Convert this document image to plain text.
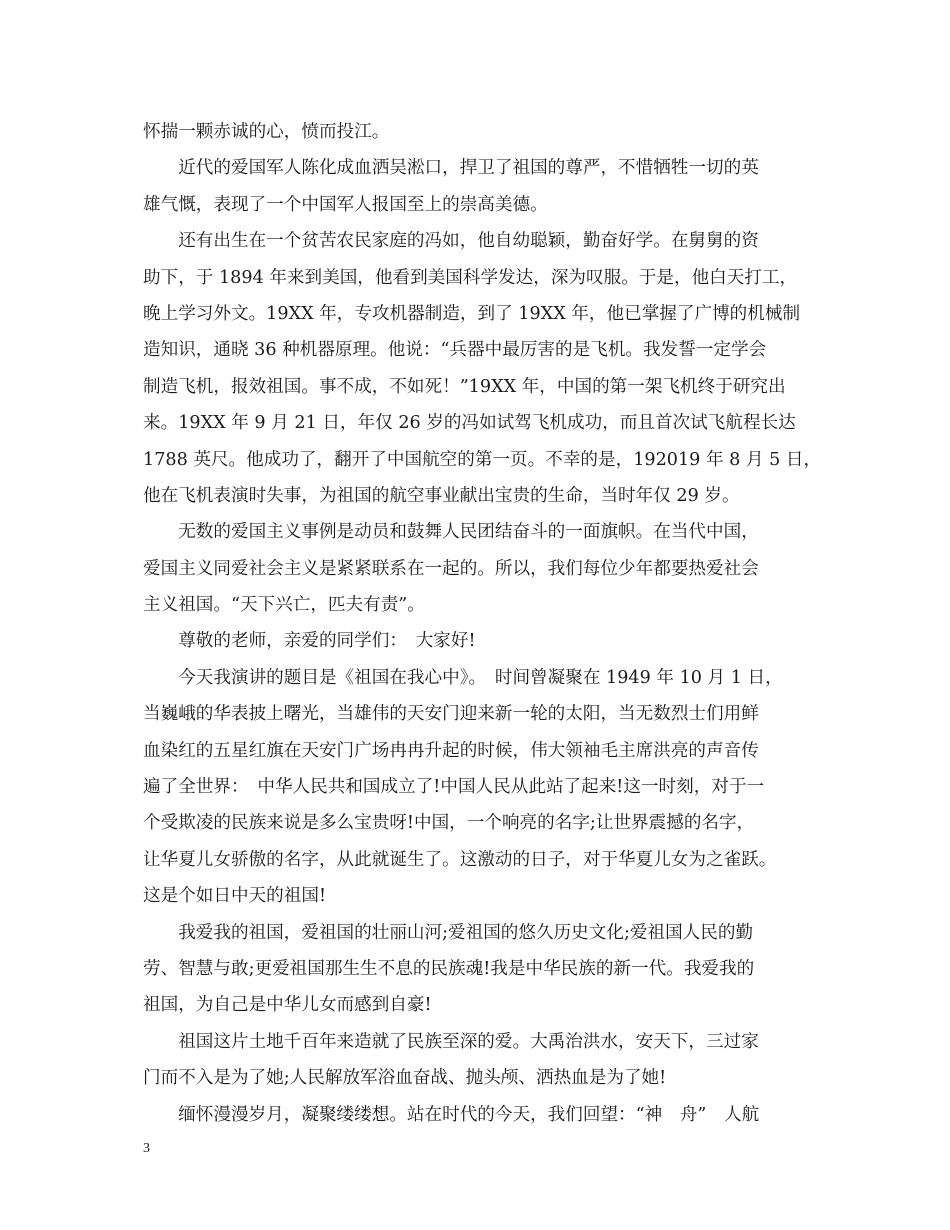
怀揣一颗赤诚的心，愤而投江。
　　近代的爱国军人陈化成血洒吴淞口，捍卫了祖国的尊严，不惜牺牲一切的英
雄气慨，表现了一个中国军人报国至上的崇高美德。
　　还有出生在一个贫苦农民家庭的冯如，他自幼聪颖，勤奋好学。在舅舅的资
助下，于 1894 年来到美国，他看到美国科学发达，深为叹服。于是，他白天打工，
晚上学习外文。19XX 年，专攻机器制造，到了 19XX 年，他已掌握了广博的机械制
造知识，通晓 36 种机器原理。他说：“兵器中最厉害的是飞机。我发誓一定学会
制造飞机，报效祖国。事不成，不如死！”19XX 年，中国的第一架飞机终于研究出
来。19XX 年 9 月 21 日，年仅 26 岁的冯如试驾飞机成功，而且首次试飞航程长达
1788 英尺。他成功了，翻开了中国航空的第一页。不幸的是，192019 年 8 月 5 日，
他在飞机表演时失事，为祖国的航空事业献出宝贵的生命，当时年仅 29 岁。
　　无数的爱国主义事例是动员和鼓舞人民团结奋斗的一面旗帜。在当代中国，
爱国主义同爱社会主义是紧紧联系在一起的。所以，我们每位少年都要热爱社会
主义祖国。“天下兴亡，匹夫有责”。
　　尊敬的老师，亲爱的同学们：　大家好!
　　今天我演讲的题目是《祖国在我心中》。　时间曾凝聚在 1949 年 10 月 1 日，
当巍峨的华表披上曙光，当雄伟的天安门迎来新一轮的太阳，当无数烈士们用鲜
血染红的五星红旗在天安门广场冉冉升起的时候，伟大领袖毛主席洪亮的声音传
遍了全世界：　中华人民共和国成立了!中国人民从此站了起来!这一时刻，对于一
个受欺凌的民族来说是多么宝贵呀!中国，一个响亮的名字;让世界震撼的名字，
让华夏儿女骄傲的名字，从此就诞生了。这激动的日子，对于华夏儿女为之雀跃。
这是个如日中天的祖国!
　　我爱我的祖国，爱祖国的壮丽山河;爱祖国的悠久历史文化;爱祖国人民的勤
劳、智慧与敢;更爱祖国那生生不息的民族魂!我是中华民族的新一代。我爱我的
祖国，为自己是中华儿女而感到自豪!
　　祖国这片土地千百年来造就了民族至深的爱。大禹治洪水，安天下，三过家
门而不入是为了她;人民解放军浴血奋战、抛头颅、洒热血是为了她!
　　缅怀漫漫岁月，凝聚缕缕想。站在时代的今天，我们回望：“神　舟”　人航
3
